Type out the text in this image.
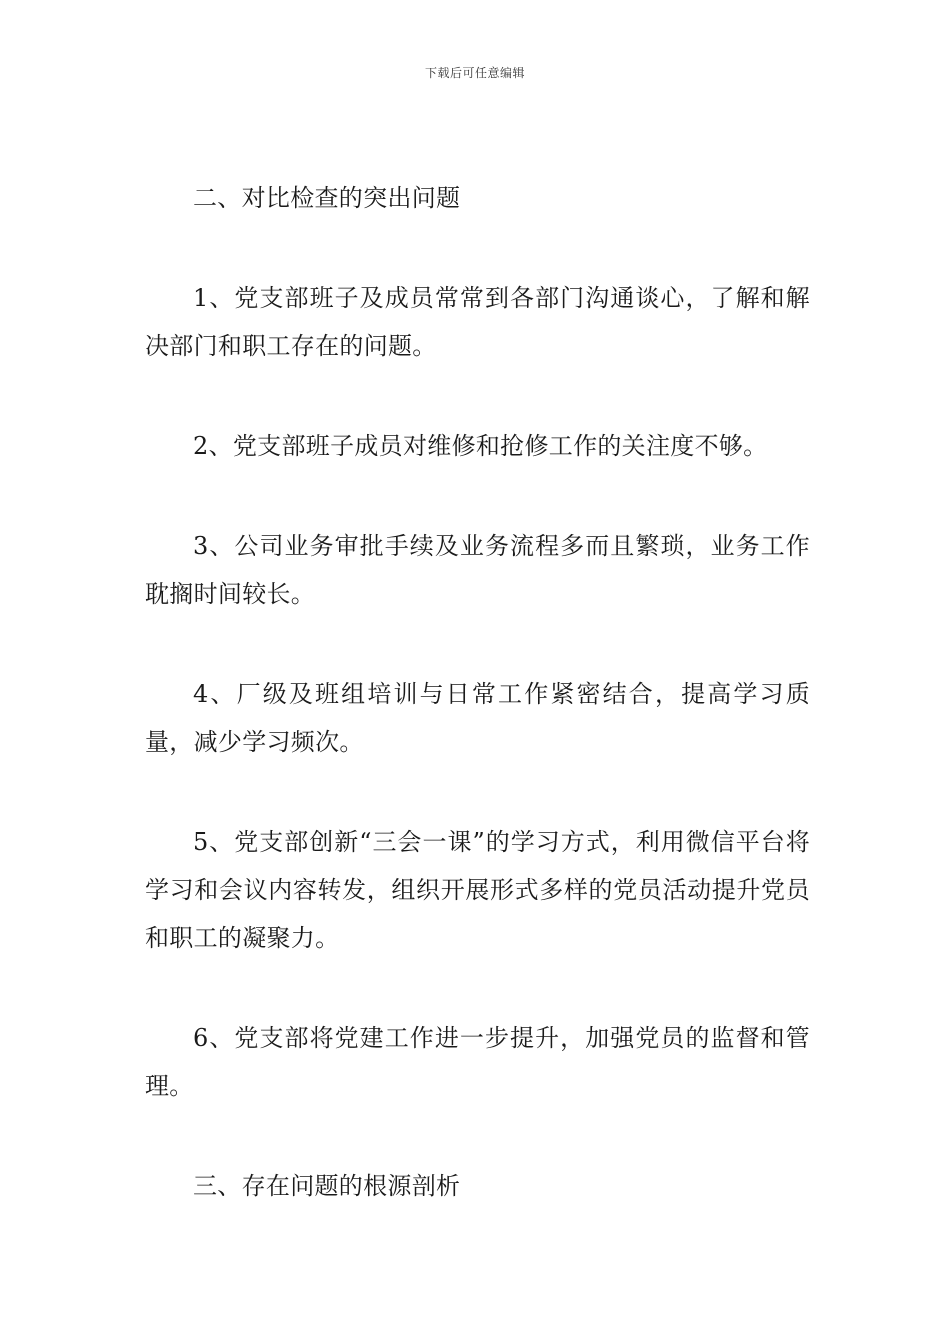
下载后可任意编辑

二、对比检查的突出问题

1、党支部班子及成员常常到各部门沟通谈心，了解和解决部门和职工存在的问题。

2、党支部班子成员对维修和抢修工作的关注度不够。

3、公司业务审批手续及业务流程多而且繁琐，业务工作耽搁时间较长。

4、厂级及班组培训与日常工作紧密结合，提高学习质量，减少学习频次。

5、党支部创新“三会一课”的学习方式，利用微信平台将学习和会议内容转发，组织开展形式多样的党员活动提升党员和职工的凝聚力。

6、党支部将党建工作进一步提升，加强党员的监督和管理。

三、存在问题的根源剖析
